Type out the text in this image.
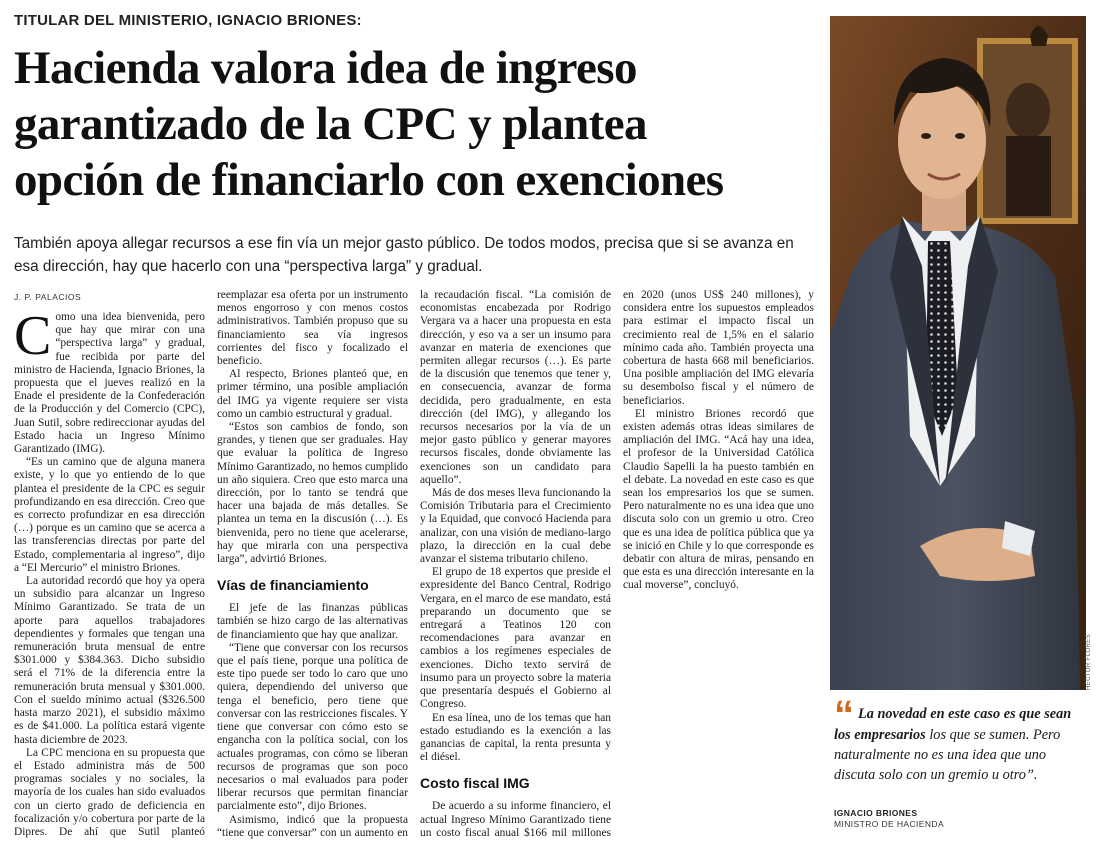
TITULAR DEL MINISTERIO, IGNACIO BRIONES:
Hacienda valora idea de ingreso
garantizado de la CPC y plantea
opción de financiarlo con exenciones
También apoya allegar recursos a ese fin vía un mejor gasto público. De todos modos, precisa que si se avanza en esa dirección, hay que hacerlo con una “perspectiva larga” y gradual.
J. P. PALACIOS

Como una idea bienvenida, pero que hay que mirar con una “perspectiva larga” y gradual, fue recibida por parte del ministro de Hacienda, Ignacio Briones, la propuesta que el jueves realizó en la Enade el presidente de la Confederación de la Producción y del Comercio (CPC), Juan Sutil, sobre redireccionar ayudas del Estado hacia un Ingreso Mínimo Garantizado (IMG).

“Es un camino que de alguna manera existe, y lo que yo entiendo de lo que plantea el presidente de la CPC es seguir profundizando en esa dirección. Creo que es correcto profundizar en esa dirección (…) porque es un camino que se acerca a las transferencias directas por parte del Estado, complementaria al ingreso”, dijo a “El Mercurio” el ministro Briones.

La autoridad recordó que hoy ya opera un subsidio para alcanzar un Ingreso Mínimo Garantizado. Se trata de un aporte para aquellos trabajadores dependientes y formales que tengan una remuneración bruta mensual de entre $301.000 y $384.363. Dicho subsidio será el 71% de la diferencia entre la remuneración bruta mensual y $301.000. Con el sueldo mínimo actual ($326.500 hasta marzo 2021), el subsidio máximo es de $41.000. La política estará vigente hasta diciembre de 2023.

La CPC menciona en su propuesta que el Estado administra más de 500 programas sociales y no sociales, la mayoría de los cuales han sido evaluados con un cierto grado de deficiencia en focalización y/o cobertura por parte de la Dipres. De ahí que Sutil planteó reemplazar esa oferta por un instrumento menos engorroso y con menos costos administrativos. También propuso que su financiamiento sea vía ingresos corrientes del fisco y focalizado el beneficio.

Al respecto, Briones planteó que, en primer término, una posible ampliación del IMG ya vigente requiere ser vista como un cambio estructural y gradual.

“Estos son cambios de fondo, son grandes, y tienen que ser graduales. Hay que evaluar la política de Ingreso Mínimo Garantizado, no hemos cumplido un año siquiera. Creo que esto marca una dirección, por lo tanto se tendrá que hacer una bajada de más detalles. Se plantea un tema en la discusión (…). Es bienvenida, pero no tiene que acelerarse, hay que mirarla con una perspectiva larga”, advirtió Briones.

Vías de financiamiento

El jefe de las finanzas públicas también se hizo cargo de las alternativas de financiamiento que hay que analizar.

“Tiene que conversar con los recursos que el país tiene, porque una política de este tipo puede ser todo lo caro que uno quiera, dependiendo del universo que tenga el beneficio, pero tiene que conversar con las restricciones fiscales. Y tiene que conversar con cómo esto se engancha con la política social, con los actuales programas, con cómo se liberan recursos de programas que son poco necesarios o mal evaluados para poder liberar recursos que permitan financiar parcialmente esto”, dijo Briones.

Asimismo, indicó que la propuesta “tiene que conversar” con un aumento en la recaudación fiscal. “La comisión de economistas encabezada por Rodrigo Vergara va a hacer una propuesta en esta dirección, y eso va a ser un insumo para avanzar en materia de exenciones que permiten allegar recursos (…). Es parte de la discusión que tenemos que tener y, en consecuencia, avanzar de forma decidida, pero gradualmente, en esta dirección (del IMG), y allegando los recursos necesarios por la vía de un mejor gasto público y generar mayores recursos fiscales, donde obviamente las exenciones son un candidato para aquello”.

Más de dos meses lleva funcionando la Comisión Tributaria para el Crecimiento y la Equidad, que convocó Hacienda para analizar, con una visión de mediano-largo plazo, la dirección en la cual debe avanzar el sistema tributario chileno.

El grupo de 18 expertos que preside el expresidente del Banco Central, Rodrigo Vergara, en el marco de ese mandato, está preparando un documento que se entregará a Teatinos 120 con recomendaciones para avanzar en cambios a los regímenes especiales de exenciones. Dicho texto servirá de insumo para un proyecto sobre la materia que presentaría después el Gobierno al Congreso.

En esa línea, uno de los temas que han estado estudiando es la exención a las ganancias de capital, la renta presunta y el diésel.

Costo fiscal IMG

De acuerdo a su informe financiero, el actual Ingreso Mínimo Garantizado tiene un costo fiscal anual $166 mil millones en 2020 (unos US$ 240 millones), y considera entre los supuestos empleados para estimar el impacto fiscal un crecimiento real de 1,5% en el salario mínimo cada año. También proyecta una cobertura de hasta 668 mil beneficiarios. Una posible ampliación del IMG elevaría su desembolso fiscal y el número de beneficiarios.

El ministro Briones recordó que existen además otras ideas similares de ampliación del IMG. “Acá hay una idea, el profesor de la Universidad Católica Claudio Sapelli la ha puesto también en el debate. La novedad en este caso es que sean los empresarios los que se sumen. Pero naturalmente no es una idea que uno discuta solo con un gremio u otro. Creo que es una idea de política pública que ya se inició en Chile y lo que corresponde es debatir con altura de miras, pensando en que esta es una dirección interesante en la cual moverse”, concluyó.

HÉCTOR FLORES
“ La novedad en este caso es que sean los empresarios los que se sumen. Pero naturalmente no es una idea que uno discuta solo con un gremio u otro”.
IGNACIO BRIONES
MINISTRO DE HACIENDA
